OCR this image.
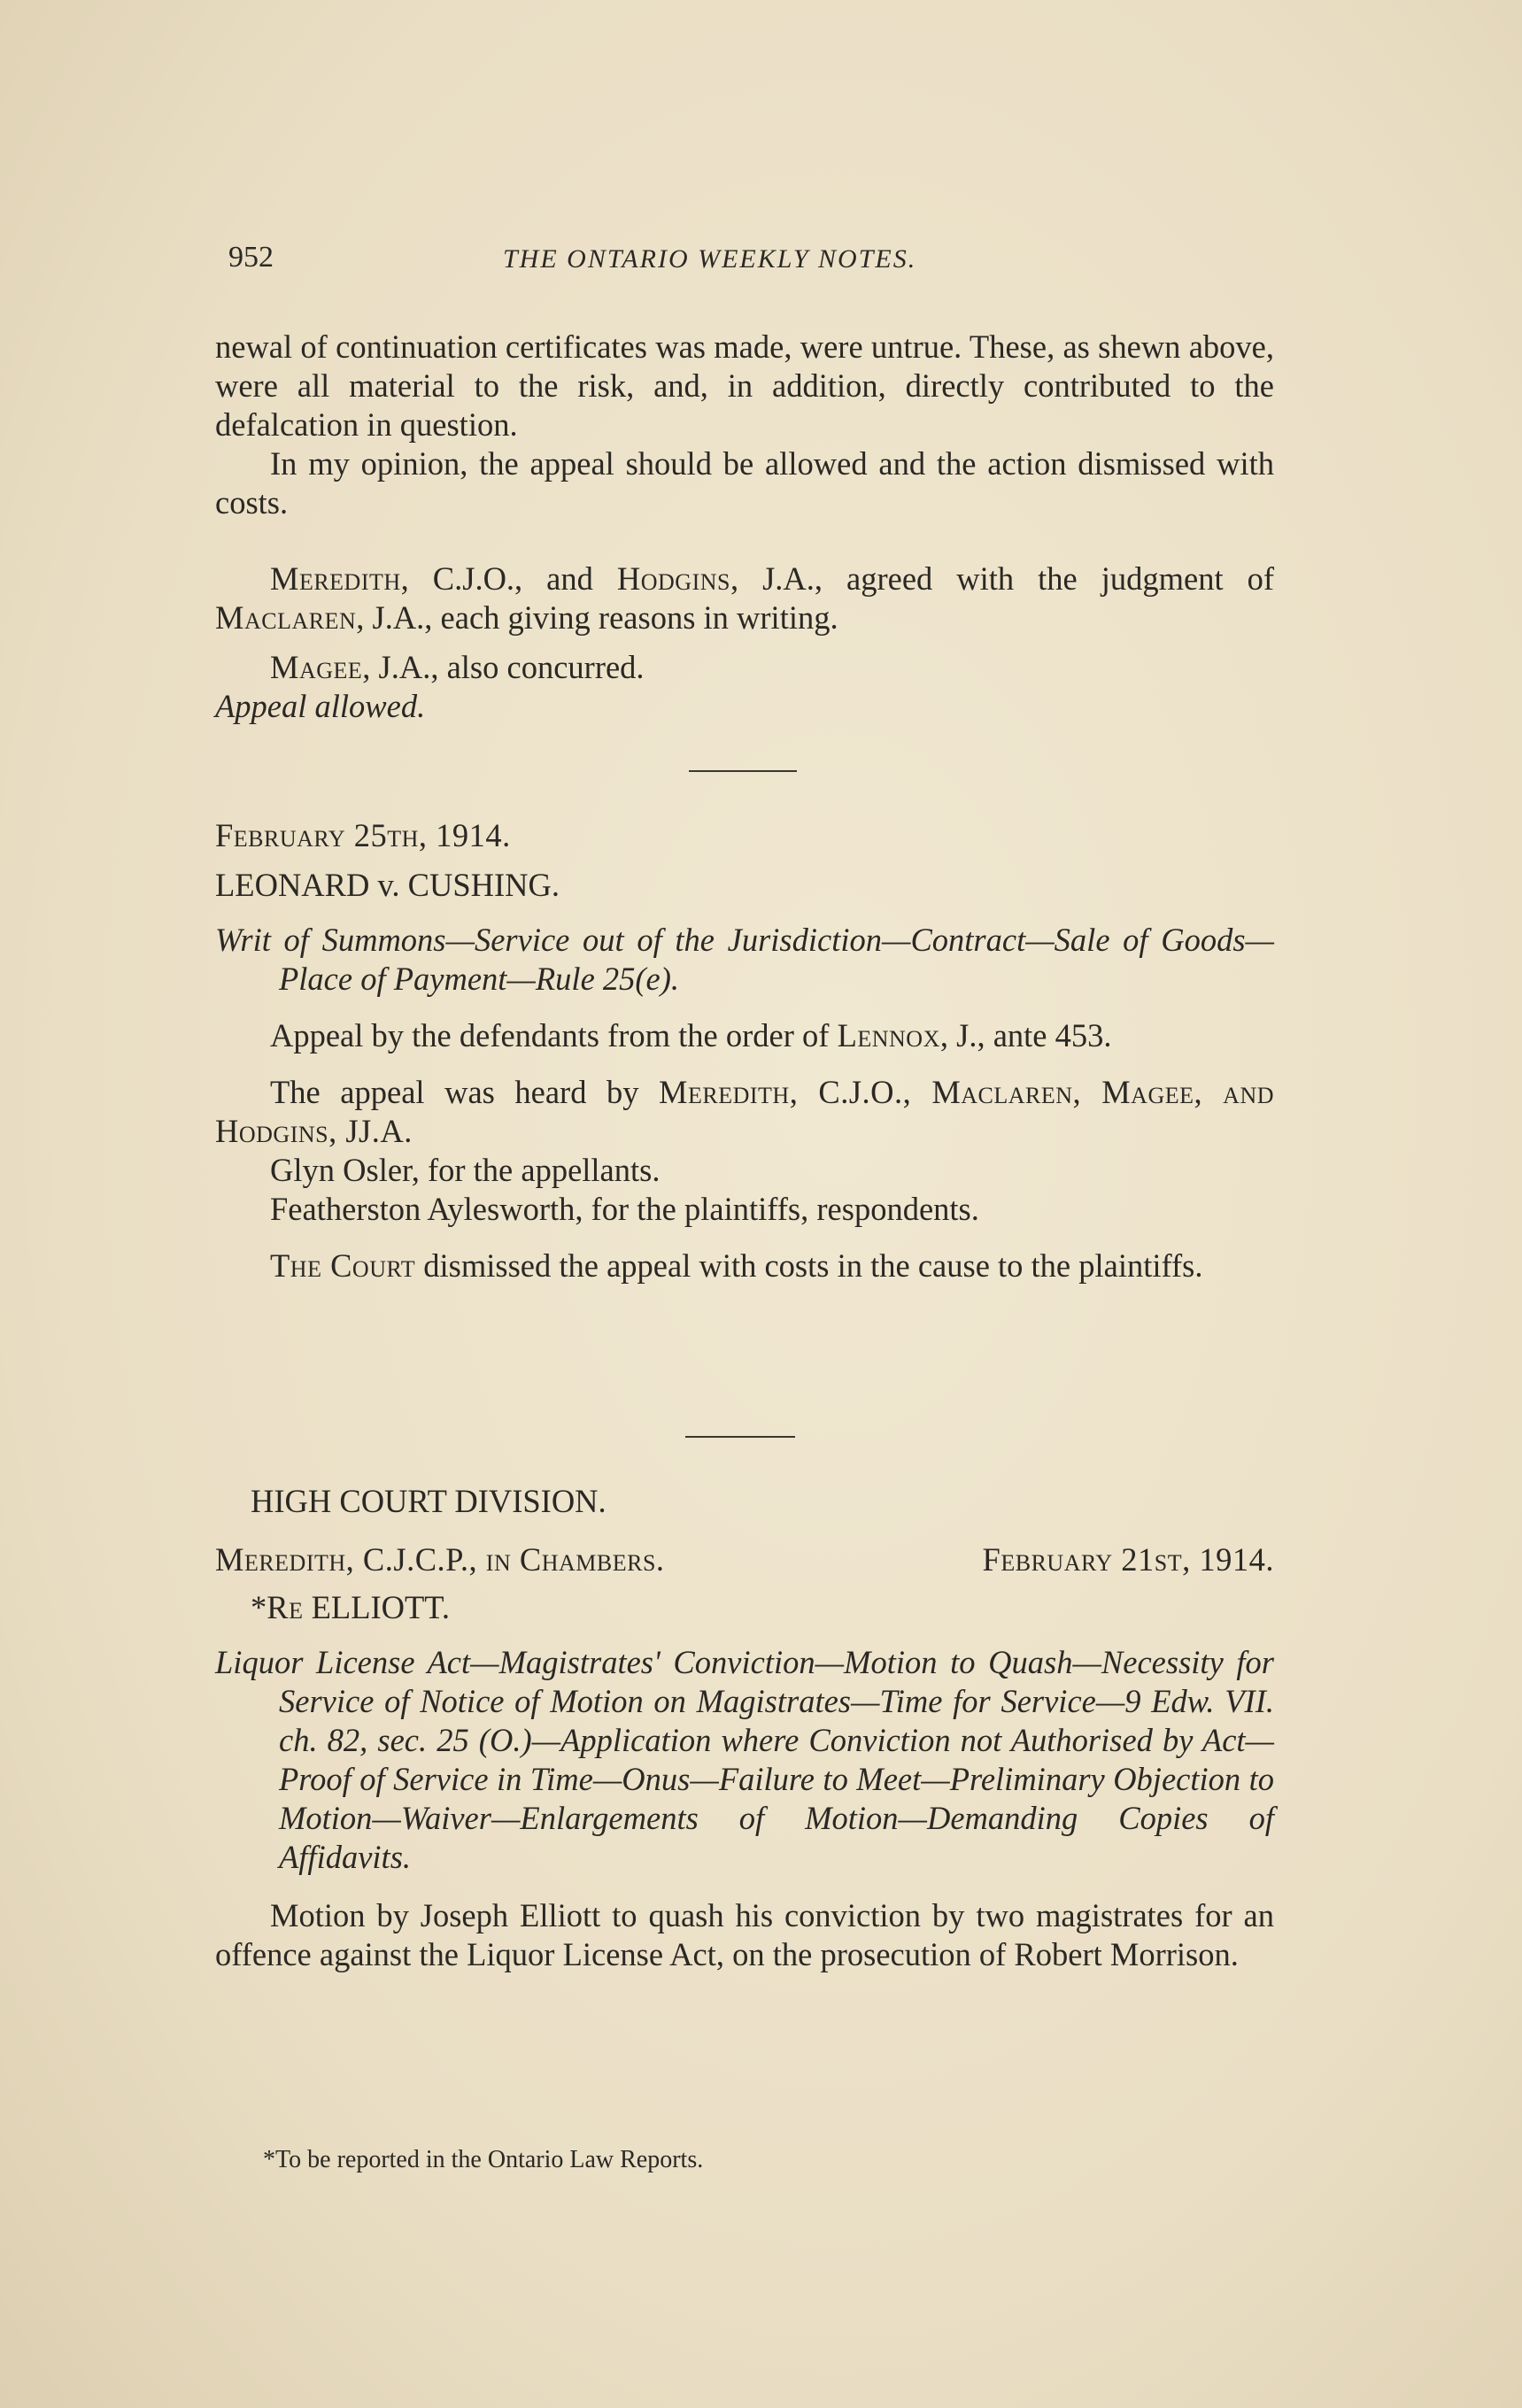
952	THE ONTARIO WEEKLY NOTES.

newal of continuation certificates was made, were untrue. These, as shewn above, were all material to the risk, and, in addition, directly contributed to the defalcation in question.

In my opinion, the appeal should be allowed and the action dismissed with costs.

Meredith, C.J.O., and Hodgins, J.A., agreed with the judgment of Maclaren, J.A., each giving reasons in writing.

Magee, J.A., also concurred.

Appeal allowed.

February 25th, 1914.

LEONARD v. CUSHING.

Writ of Summons—Service out of the Jurisdiction—Contract—Sale of Goods—Place of Payment—Rule 25(e).

Appeal by the defendants from the order of Lennox, J., ante 453.

The appeal was heard by Meredith, C.J.O., Maclaren, Magee, and Hodgins, JJ.A.

Glyn Osler, for the appellants.

Featherston Aylesworth, for the plaintiffs, respondents.

The Court dismissed the appeal with costs in the cause to the plaintiffs.

HIGH COURT DIVISION.

Meredith, C.J.C.P., in Chambers.	February 21st, 1914.

*Re ELLIOTT.

Liquor License Act—Magistrates' Conviction—Motion to Quash—Necessity for Service of Notice of Motion on Magistrates—Time for Service—9 Edw. VII. ch. 82, sec. 25 (O.)—Application where Conviction not Authorised by Act—Proof of Service in Time—Onus—Failure to Meet—Preliminary Objection to Motion—Waiver—Enlargements of Motion—Demanding Copies of Affidavits.

Motion by Joseph Elliott to quash his conviction by two magistrates for an offence against the Liquor License Act, on the prosecution of Robert Morrison.

*To be reported in the Ontario Law Reports.
